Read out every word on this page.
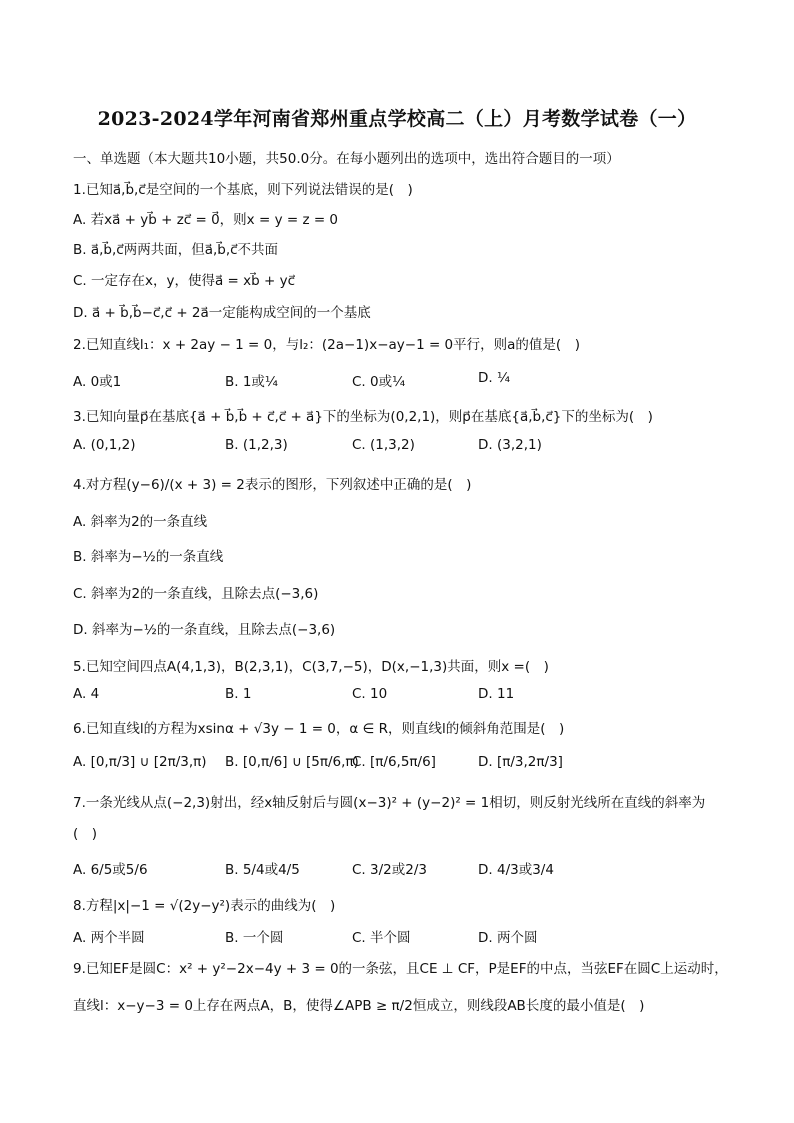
2023-2024学年河南省郑州重点学校高二（上）月考数学试卷（一）
一、单选题（本大题共10小题，共50.0分。在每小题列出的选项中，选出符合题目的一项）
1.已知a⃗,b⃗,c⃗是空间的一个基底，则下列说法错误的是(　)
A. 若xa⃗ + yb⃗ + zc⃗ = 0⃗，则x = y = z = 0
B. a⃗,b⃗,c⃗两两共面，但a⃗,b⃗,c⃗不共面
C. 一定存在x，y，使得a⃗ = xb⃗ + yc⃗
D. a⃗ + b⃗,b⃗−c⃗,c⃗ + 2a⃗一定能构成空间的一个基底
2.已知直线l₁：x + 2ay − 1 = 0，与l₂：(2a−1)x−ay−1 = 0平行，则a的值是(　)
A. 0或1	B. 1或¼	C. 0或¼	D. ¼
3.已知向量p⃗在基底{a⃗ + b⃗,b⃗ + c⃗,c⃗ + a⃗}下的坐标为(0,2,1)，则p⃗在基底{a⃗,b⃗,c⃗}下的坐标为(　)
A. (0,1,2)	B. (1,2,3)	C. (1,3,2)	D. (3,2,1)
4.对方程(y−6)/(x + 3) = 2表示的图形，下列叙述中正确的是(　)
A. 斜率为2的一条直线
B. 斜率为−½的一条直线
C. 斜率为2的一条直线，且除去点(−3,6)
D. 斜率为−½的一条直线，且除去点(−3,6)
5.已知空间四点A(4,1,3)，B(2,3,1)，C(3,7,−5)，D(x,−1,3)共面，则x =(　)
A. 4	B. 1	C. 10	D. 11
6.已知直线l的方程为xsinα + √3y − 1 = 0，α ∈ R，则直线l的倾斜角范围是(　)
A. [0,π/3] ∪ [2π/3,π) B. [0,π/6] ∪ [5π/6,π)
C. [π/6,5π/6]	D. [π/3,2π/3]
7.一条光线从点(−2,3)射出，经x轴反射后与圆(x−3)² + (y−2)² = 1相切，则反射光线所在直线的斜率为
(　)
A. 6/5或5/6	B. 5/4或4/5	C. 3/2或2/3	D. 4/3或3/4
8.方程|x|−1 = √(2y−y²)表示的曲线为(　)
A. 两个半圆	B. 一个圆	C. 半个圆	D. 两个圆
9.已知EF是圆C：x² + y²−2x−4y + 3 = 0的一条弦，且CE ⊥ CF，P是EF的中点，当弦EF在圆C上运动时，
直线l：x−y−3 = 0上存在两点A，B，使得∠APB ≥ π/2恒成立，则线段AB长度的最小值是(　)
